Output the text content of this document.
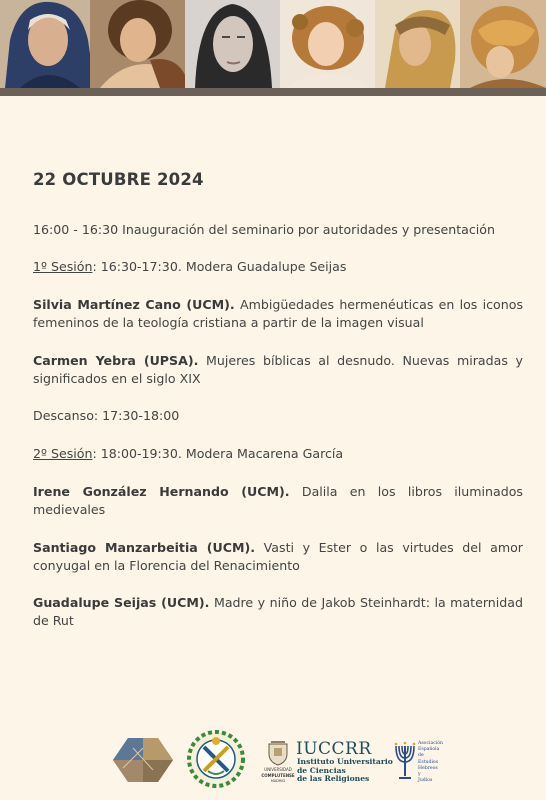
22 OCTUBRE 2024
16:00 - 16:30 Inauguración del seminario por autoridades y presentación
1º Sesión: 16:30-17:30. Modera Guadalupe Seijas
Silvia Martínez Cano (UCM). Ambigüedades hermenéuticas en los iconos femeninos de la teología cristiana a partir de la imagen visual
Carmen Yebra (UPSA). Mujeres bíblicas al desnudo. Nuevas miradas y significados en el siglo XIX
Descanso: 17:30-18:00
2º Sesión: 18:00-19:30. Modera Macarena García
Irene González Hernando (UCM). Dalila en los libros iluminados medievales
Santiago Manzarbeitia (UCM). Vasti y Ester o las virtudes del amor conyugal en la Florencia del Renacimiento
Guadalupe Seijas (UCM). Madre y niño de Jakob Steinhardt: la maternidad de Rut
UNIVERSIDAD
COMPLUTENSE
MADRID
IUCCRR
Instituto Universitario
de Ciencias
de las Religiones
Asociación
Española
de
Estudios
Hebreos
y
Judíos
